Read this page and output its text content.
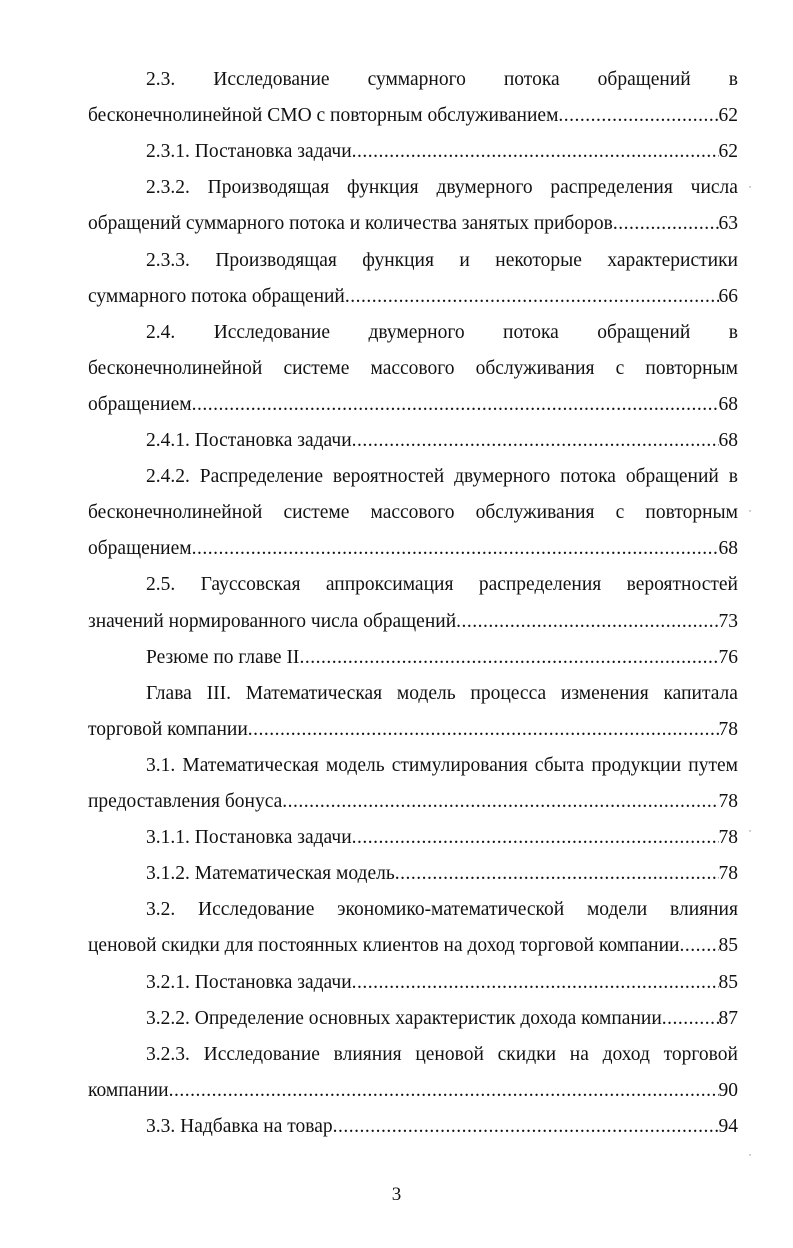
2.3. Исследование суммарного потока обращений в
бесконечнолинейной СМО с повторным обслуживанием .....	62
2.3.1. Постановка задачи .....	62
2.3.2. Производящая функция двумерного распределения числа
обращений суммарного потока и количества занятых приборов .....	63
2.3.3. Производящая функция и некоторые характеристики
суммарного потока обращений .....	66
2.4. Исследование двумерного потока обращений в
бесконечнолинейной системе массового обслуживания с повторным
обращением .....	68
2.4.1. Постановка задачи .....	68
2.4.2. Распределение вероятностей двумерного потока обращений в
бесконечнолинейной системе массового обслуживания с повторным
обращением .....	68
2.5. Гауссовская аппроксимация распределения вероятностей
значений нормированного числа обращений .....	73
Резюме по главе II .....	76
Глава III. Математическая модель процесса изменения капитала
торговой компании .....	78
3.1. Математическая модель стимулирования сбыта продукции путем
предоставления бонуса .....	78
3.1.1. Постановка задачи .....	78
3.1.2. Математическая модель .....	78
3.2. Исследование экономико-математической модели влияния
ценовой скидки для постоянных клиентов на доход торговой компании ..... 85
3.2.1. Постановка задачи .....	85
3.2.2. Определение основных характеристик дохода компании .....	87
3.2.3. Исследование влияния ценовой скидки на доход торговой
компании .....	90
3.3. Надбавка на товар .....	94
3
˙
˙
˙
˙
